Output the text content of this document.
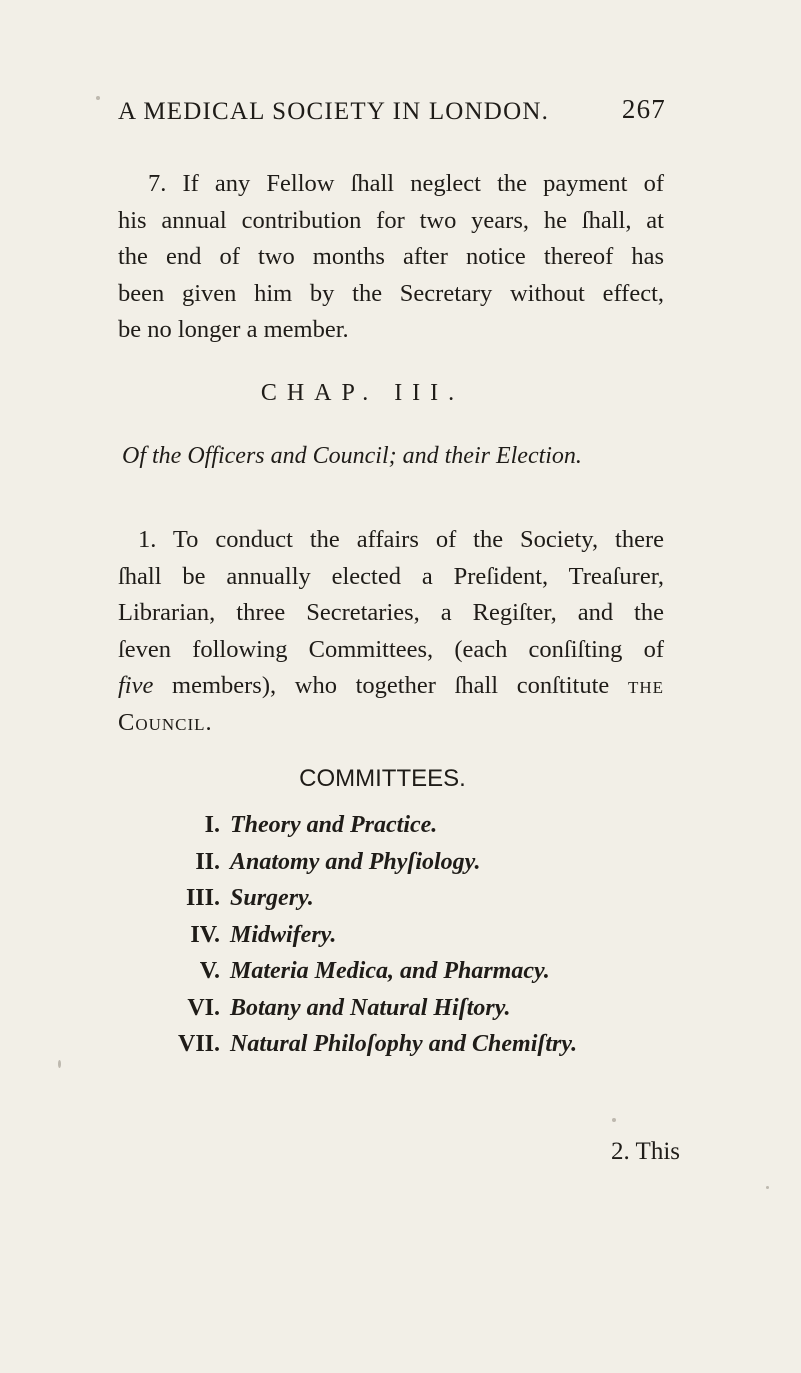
A MEDICAL SOCIETY IN LONDON.	267
7. If any Fellow ſhall neglect the payment of
his annual contribution for two years, he ſhall, at
the end of two months after notice thereof has
been given him by the Secretary without effect,
be no longer a member.
CHAP. III.
Of the Officers and Council; and their Election.
1. To conduct the affairs of the Society, there
ſhall be annually elected a Preſident, Treaſurer,
Librarian, three Secretaries, a Regiſter, and the
ſeven following Committees, (each conſiſting of
five members), who together ſhall conſtitute the
Council.
COMMITTEES.
I. Theory and Practice.
II. Anatomy and Phyſiology.
III. Surgery.
IV. Midwifery.
V. Materia Medica, and Pharmacy.
VI. Botany and Natural Hiſtory.
VII. Natural Philoſophy and Chemiſtry.
2. This
